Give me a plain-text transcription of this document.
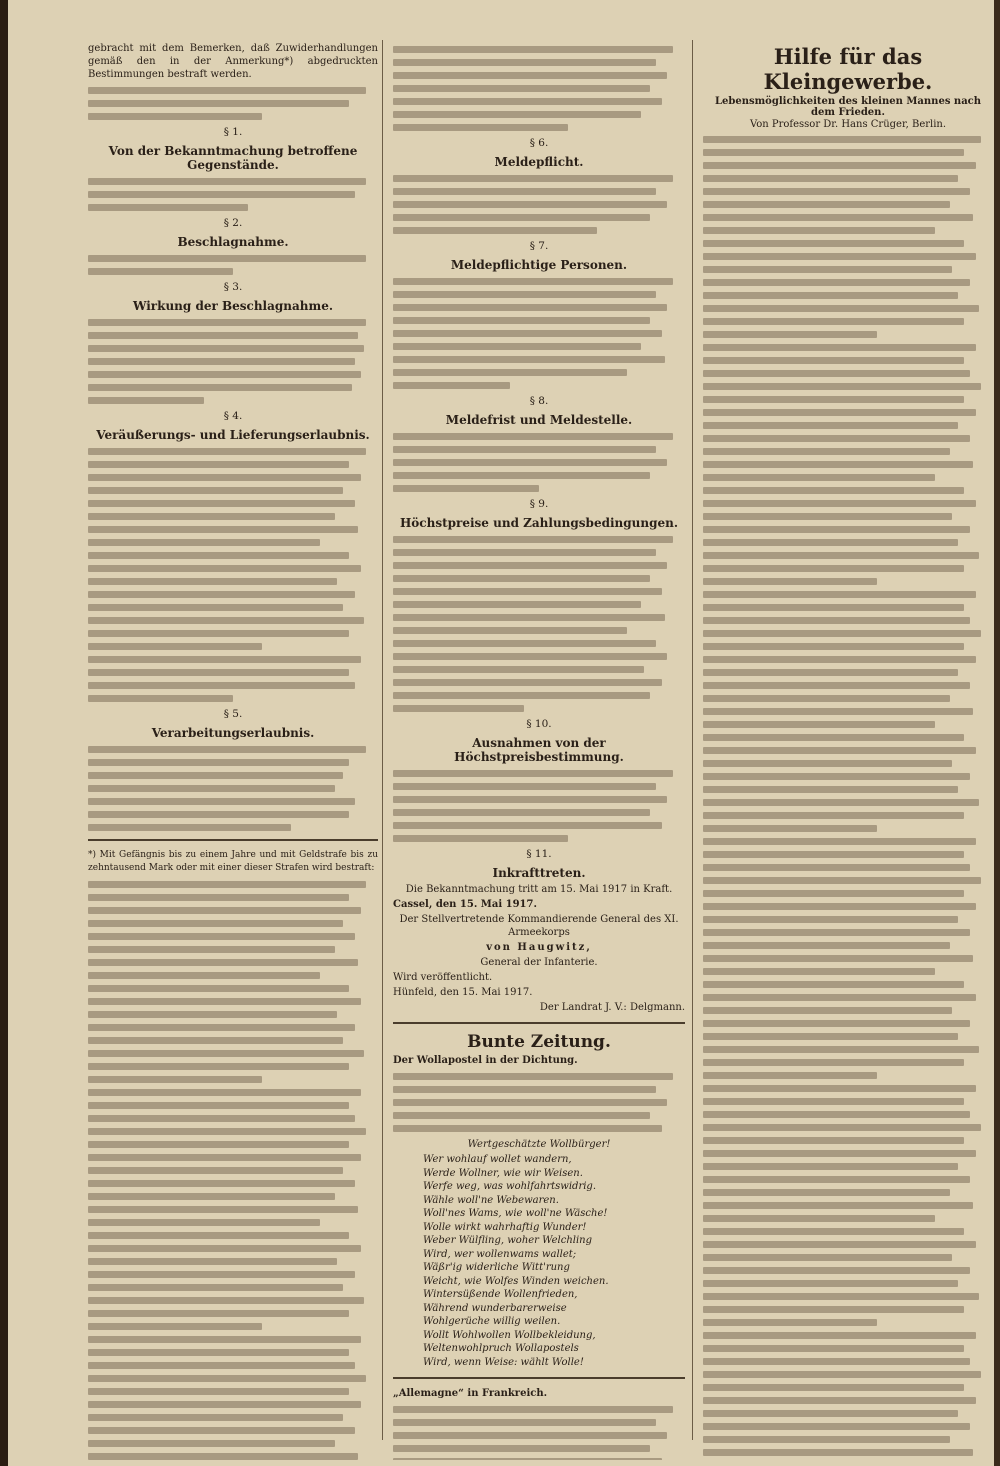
gebracht mit dem Bemerken, daß Zuwiderhandlungen gemäß den in der Anmerkung*) abgedruckten Bestimmungen bestraft werden.
§ 1.
Von der Bekanntmachung betroffene Gegenstände.
§ 2.
Beschlagnahme.
§ 3.
Wirkung der Beschlagnahme.
§ 4.
Veräußerungs- und Lieferungserlaubnis.
§ 5.
Verarbeitungserlaubnis.
*) Mit Gefängnis bis zu einem Jahre und mit Geldstrafe bis zu zehntausend Mark oder mit einer dieser Strafen wird bestraft:
§ 6.
Meldepflicht.
§ 7.
Meldepflichtige Personen.
§ 8.
Meldefrist und Meldestelle.
§ 9.
Höchstpreise und Zahlungsbedingungen.
§ 10.
Ausnahmen von der Höchstpreisbestimmung.
§ 11.
Inkrafttreten.
Die Bekanntmachung tritt am 15. Mai 1917 in Kraft.
Cassel, den 15. Mai 1917.
Der Stellvertretende Kommandierende General des XI. Armeekorps
von Haugwitz,
General der Infanterie.
Wird veröffentlicht.
Hünfeld, den 15. Mai 1917.
Der Landrat J. V.: Delgmann.
Bunte Zeitung.
Der Wollapostel in der Dichtung.
Wertgeschätzte Wollbürger!
Wer wohlauf wollet wandern,
Werde Wollner, wie wir Weisen.
Werfe weg, was wohlfahrtswidrig.
Wähle woll'ne Webewaren.
Woll'nes Wams, wie woll'ne Wäsche!
Wolle wirkt wahrhaftig Wunder!
Weber Wülfling, woher Welchling
Wird, wer wollenwams wallet;
Wäßr'ig widerliche Witt'rung
Weicht, wie Wolfes Winden weichen.
Wintersüßende Wollenfrieden,
Während wunderbarerweise
Wohlgerüche willig weilen.
Wollt Wohlwollen Wollbekleidung,
Weltenwohlpruch Wollapostels
Wird, wenn Weise: wählt Wolle!
„Allemagne“ in Frankreich.
Hilfe für das Kleingewerbe.
Lebensmöglichkeiten des kleinen Mannes nach dem Frieden.
Von Professor Dr. Hans Crüger, Berlin.
